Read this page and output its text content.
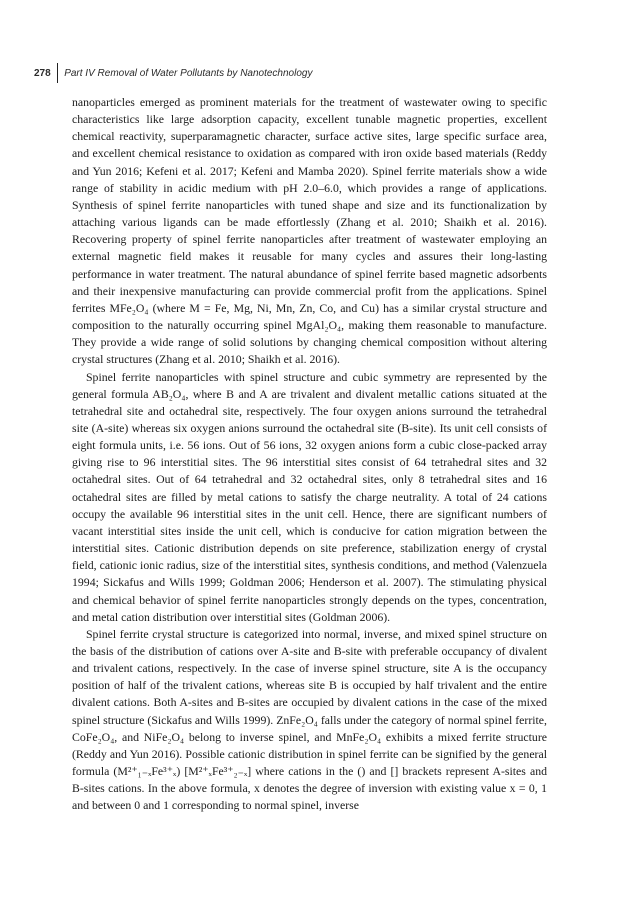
278 Part IV Removal of Water Pollutants by Nanotechnology

nanoparticles emerged as prominent materials for the treatment of wastewater owing to specific characteristics like large adsorption capacity, excellent tunable magnetic properties, excellent chemical reactivity, superparamagnetic character, surface active sites, large specific surface area, and excellent chemical resistance to oxidation as compared with iron oxide based materials (Reddy and Yun 2016; Kefeni et al. 2017; Kefeni and Mamba 2020). Spinel ferrite materials show a wide range of stability in acidic medium with pH 2.0–6.0, which provides a range of applications. Synthesis of spinel ferrite nanoparticles with tuned shape and size and its functionalization by attaching various ligands can be made effortlessly (Zhang et al. 2010; Shaikh et al. 2016). Recovering property of spinel ferrite nanoparticles after treatment of wastewater employing an external magnetic field makes it reusable for many cycles and assures their long-lasting performance in water treatment. The natural abundance of spinel ferrite based magnetic adsorbents and their inexpensive manufacturing can provide commercial profit from the applications. Spinel ferrites MFe₂O₄ (where M = Fe, Mg, Ni, Mn, Zn, Co, and Cu) has a similar crystal structure and composition to the naturally occurring spinel MgAl₂O₄, making them reasonable to manufacture. They provide a wide range of solid solutions by changing chemical composition without altering crystal structures (Zhang et al. 2010; Shaikh et al. 2016).

Spinel ferrite nanoparticles with spinel structure and cubic symmetry are represented by the general formula AB₂O₄, where B and A are trivalent and divalent metallic cations situated at the tetrahedral site and octahedral site, respectively. The four oxygen anions surround the tetrahedral site (A-site) whereas six oxygen anions surround the octahedral site (B-site). Its unit cell consists of eight formula units, i.e. 56 ions. Out of 56 ions, 32 oxygen anions form a cubic close-packed array giving rise to 96 interstitial sites. The 96 interstitial sites consist of 64 tetrahedral sites and 32 octahedral sites. Out of 64 tetrahedral and 32 octahedral sites, only 8 tetrahedral sites and 16 octahedral sites are filled by metal cations to satisfy the charge neutrality. A total of 24 cations occupy the available 96 interstitial sites in the unit cell. Hence, there are significant numbers of vacant interstitial sites inside the unit cell, which is conducive for cation migration between the interstitial sites. Cationic distribution depends on site preference, stabilization energy of crystal field, cationic ionic radius, size of the interstitial sites, synthesis conditions, and method (Valenzuela 1994; Sickafus and Wills 1999; Goldman 2006; Henderson et al. 2007). The stimulating physical and chemical behavior of spinel ferrite nanoparticles strongly depends on the types, concentration, and metal cation distribution over interstitial sites (Goldman 2006).

Spinel ferrite crystal structure is categorized into normal, inverse, and mixed spinel structure on the basis of the distribution of cations over A-site and B-site with preferable occupancy of divalent and trivalent cations, respectively. In the case of inverse spinel structure, site A is the occupancy position of half of the trivalent cations, whereas site B is occupied by half trivalent and the entire divalent cations. Both A-sites and B-sites are occupied by divalent cations in the case of the mixed spinel structure (Sickafus and Wills 1999). ZnFe₂O₄ falls under the category of normal spinel ferrite, CoFe₂O₄, and NiFe₂O₄ belong to inverse spinel, and MnFe₂O₄ exhibits a mixed ferrite structure (Reddy and Yun 2016). Possible cationic distribution in spinel ferrite can be signified by the general formula (M²⁺₁₋ₓFe³⁺ₓ) [M²⁺ₓFe³⁺₂₋ₓ] where cations in the () and [] brackets represent A-sites and B-sites cations. In the above formula, x denotes the degree of inversion with existing value x = 0, 1 and between 0 and 1 corresponding to normal spinel, inverse
